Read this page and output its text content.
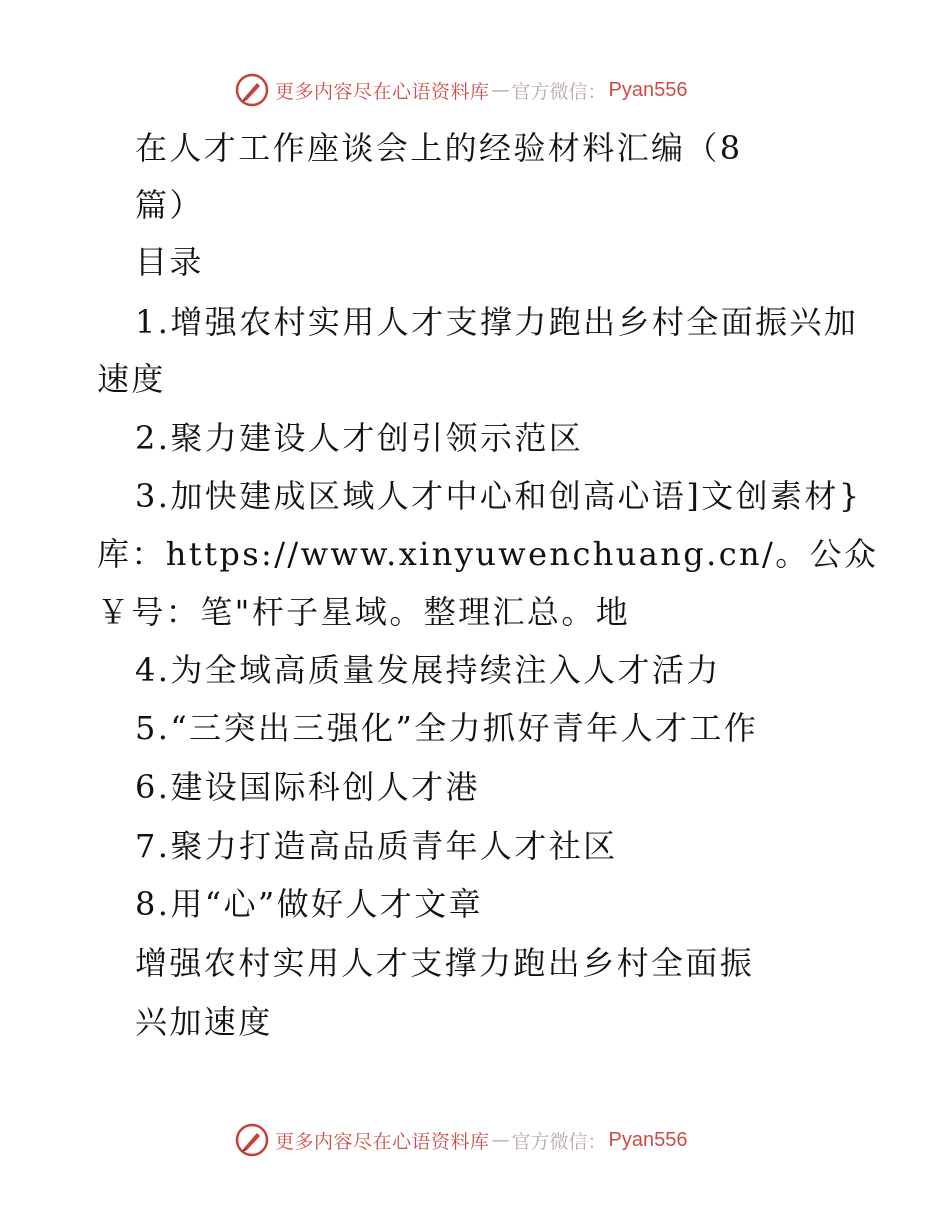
更多内容尽在心语资料库 — 官方微信： Pyan556
在人才工作座谈会上的经验材料汇编（8
篇）
目录
1.增强农村实用人才支撑力跑出乡村全面振兴加
速度
2.聚力建设人才创引领示范区
3.加快建成区域人才中心和创高心语]文创素材}
库：https://www.xinyuwenchuang.cn/。公众
￥号：笔"杆子星域。整理汇总。地
4.为全域高质量发展持续注入人才活力
5.“三突出三强化”全力抓好青年人才工作
6.建设国际科创人才港
7.聚力打造高品质青年人才社区
8.用“心”做好人才文章
增强农村实用人才支撑力跑出乡村全面振
兴加速度
更多内容尽在心语资料库 — 官方微信： Pyan556
